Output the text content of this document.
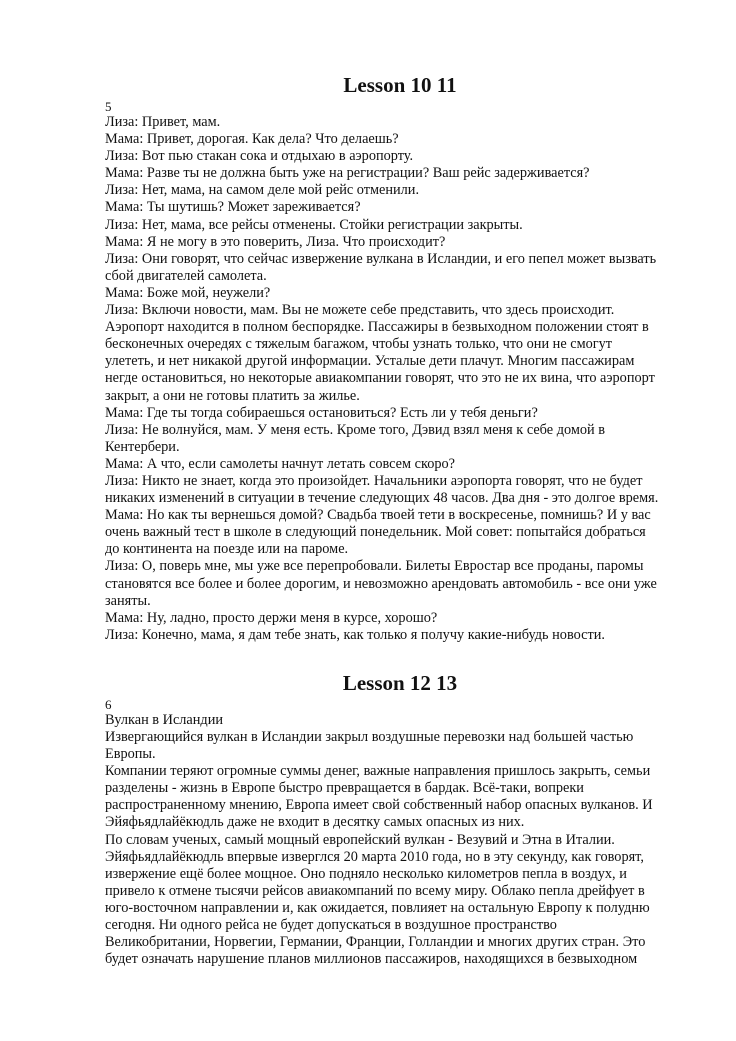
Lesson 10 11
5
Лиза: Привет, мам.
Мама: Привет, дорогая. Как дела? Что делаешь?
Лиза: Вот пью стакан сока и отдыхаю в аэропорту.
Мама: Разве ты не должна быть уже на регистрации? Ваш рейс задерживается?
Лиза: Нет, мама, на самом деле мой рейс отменили.
Мама: Ты шутишь? Может зареживается?
Лиза: Нет, мама, все рейсы отменены. Стойки регистрации закрыты.
Мама: Я не могу в это поверить, Лиза. Что происходит?
Лиза: Они говорят, что сейчас извержение вулкана в Исландии, и его пепел может вызвать
сбой двигателей самолета.
Мама: Боже мой, неужели?
Лиза: Включи новости, мам. Вы не можете себе представить, что здесь происходит.
Аэропорт находится в полном беспорядке. Пассажиры в безвыходном положении стоят в
бесконечных очередях с тяжелым багажом, чтобы узнать только, что они не смогут
улететь, и нет никакой другой информации. Усталые дети плачут. Многим пассажирам
негде остановиться, но некоторые авиакомпании говорят, что это не их вина, что аэропорт
закрыт, а они не готовы платить за жилье.
Мама: Где ты тогда собираешься остановиться? Есть ли у тебя деньги?
Лиза: Не волнуйся, мам. У меня есть. Кроме того, Дэвид взял меня к себе домой в
Кентербери.
Мама: А что, если самолеты начнут летать совсем скоро?
Лиза: Никто не знает, когда это произойдет. Начальники аэропорта говорят, что не будет
никаких изменений в ситуации в течение следующих 48 часов. Два дня - это долгое время.
Мама: Но как ты вернешься домой? Свадьба твоей тети в воскресенье, помнишь? И у вас
очень важный тест в школе в следующий понедельник. Мой совет: попытайся добраться
до континента на поезде или на пароме.
Лиза: О, поверь мне, мы уже все перепробовали. Билеты Евростар все проданы, паромы
становятся все более и более дорогим, и невозможно арендовать автомобиль - все они уже
заняты.
Мама: Ну, ладно, просто держи меня в курсе, хорошо?
Лиза: Конечно, мама, я дам тебе знать, как только я получу какие-нибудь новости.
Lesson 12 13
6
Вулкан в Исландии
Извергающийся вулкан в Исландии закрыл воздушные перевозки над большей частью
Европы.
Компании теряют огромные суммы денег, важные направления пришлось закрыть, семьи
разделены - жизнь в Европе быстро превращается в бардак. Всё-таки, вопреки
распространенному мнению, Европа имеет свой собственный набор опасных вулканов. И
Эйяфьядлайёкюдль даже не входит в десятку самых опасных из них.
По словам ученых, самый мощный европейский вулкан - Везувий и Этна в Италии.
Эйяфьядлайёкюдль впервые изверглся 20 марта 2010 года, но в эту секунду, как говорят,
извержение ещё более мощное. Оно подняло несколько километров пепла в воздух, и
привело к отмене тысячи рейсов авиакомпаний по всему миру. Облако пепла дрейфует в
юго-восточном направлении и, как ожидается, повлияет на остальную Европу к полудню
сегодня. Ни одного рейса не будет допускаться в воздушное пространство
Великобритании, Норвегии, Германии, Франции, Голландии и многих других стран. Это
будет означать нарушение планов миллионов пассажиров, находящихся в безвыходном
